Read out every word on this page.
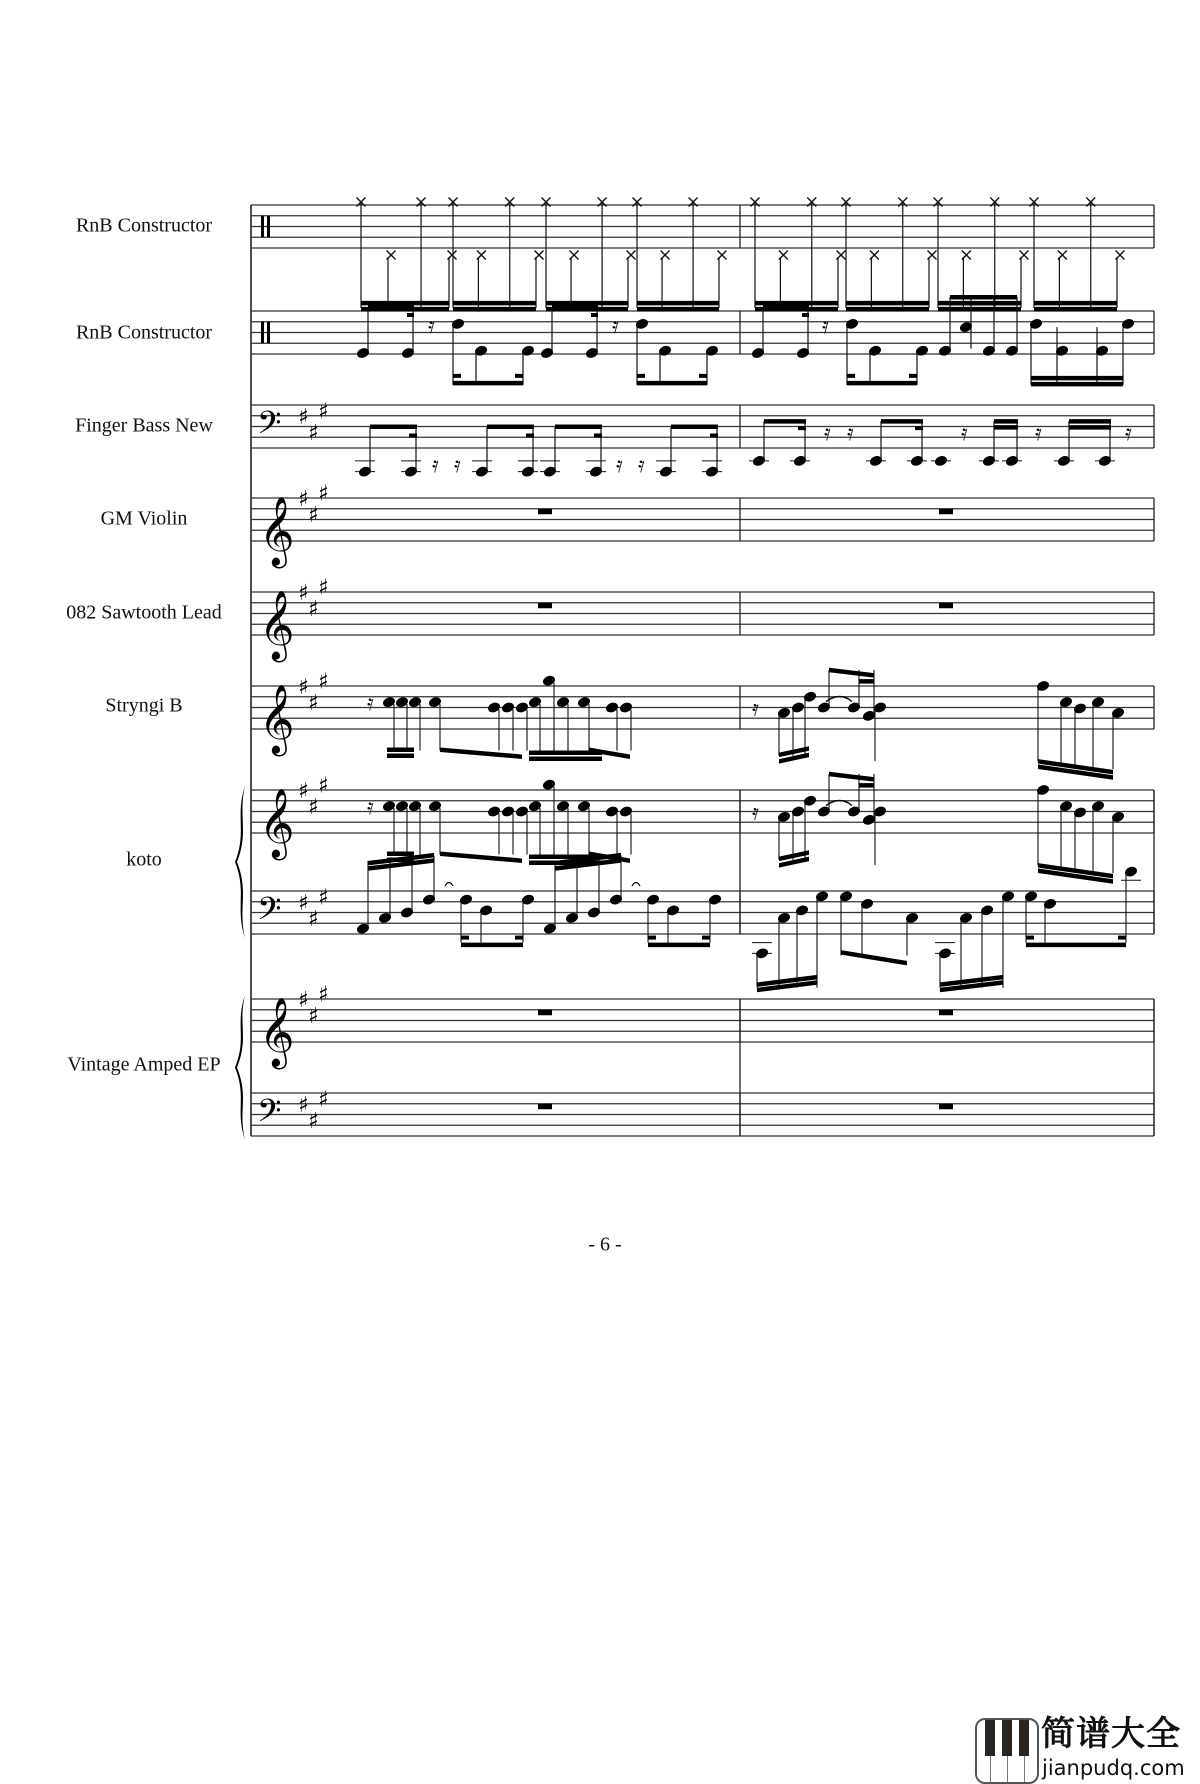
𝄢 ♯
♯
♯
𝄞 ♯
♯
♯
𝄞 ♯
♯
♯
𝄞 ♯
♯
♯
𝄞 ♯
♯
♯
𝄢 ♯
♯
♯
𝄞 ♯
♯
♯
𝄢 ♯
♯
♯
𝄿	𝄿	𝄿
𝄿 𝄿	𝄿 𝄿
𝄿 𝄿	𝄿	𝄿	𝄿
𝄿	𝄿
𝄿	𝄿
RnB Constructor
RnB Constructor
Finger Bass New
GM Violin
082 Sawtooth Lead
Stryngi B
koto
Vintage Amped EP
- 6 -
简谱大全
jianpudq.com
